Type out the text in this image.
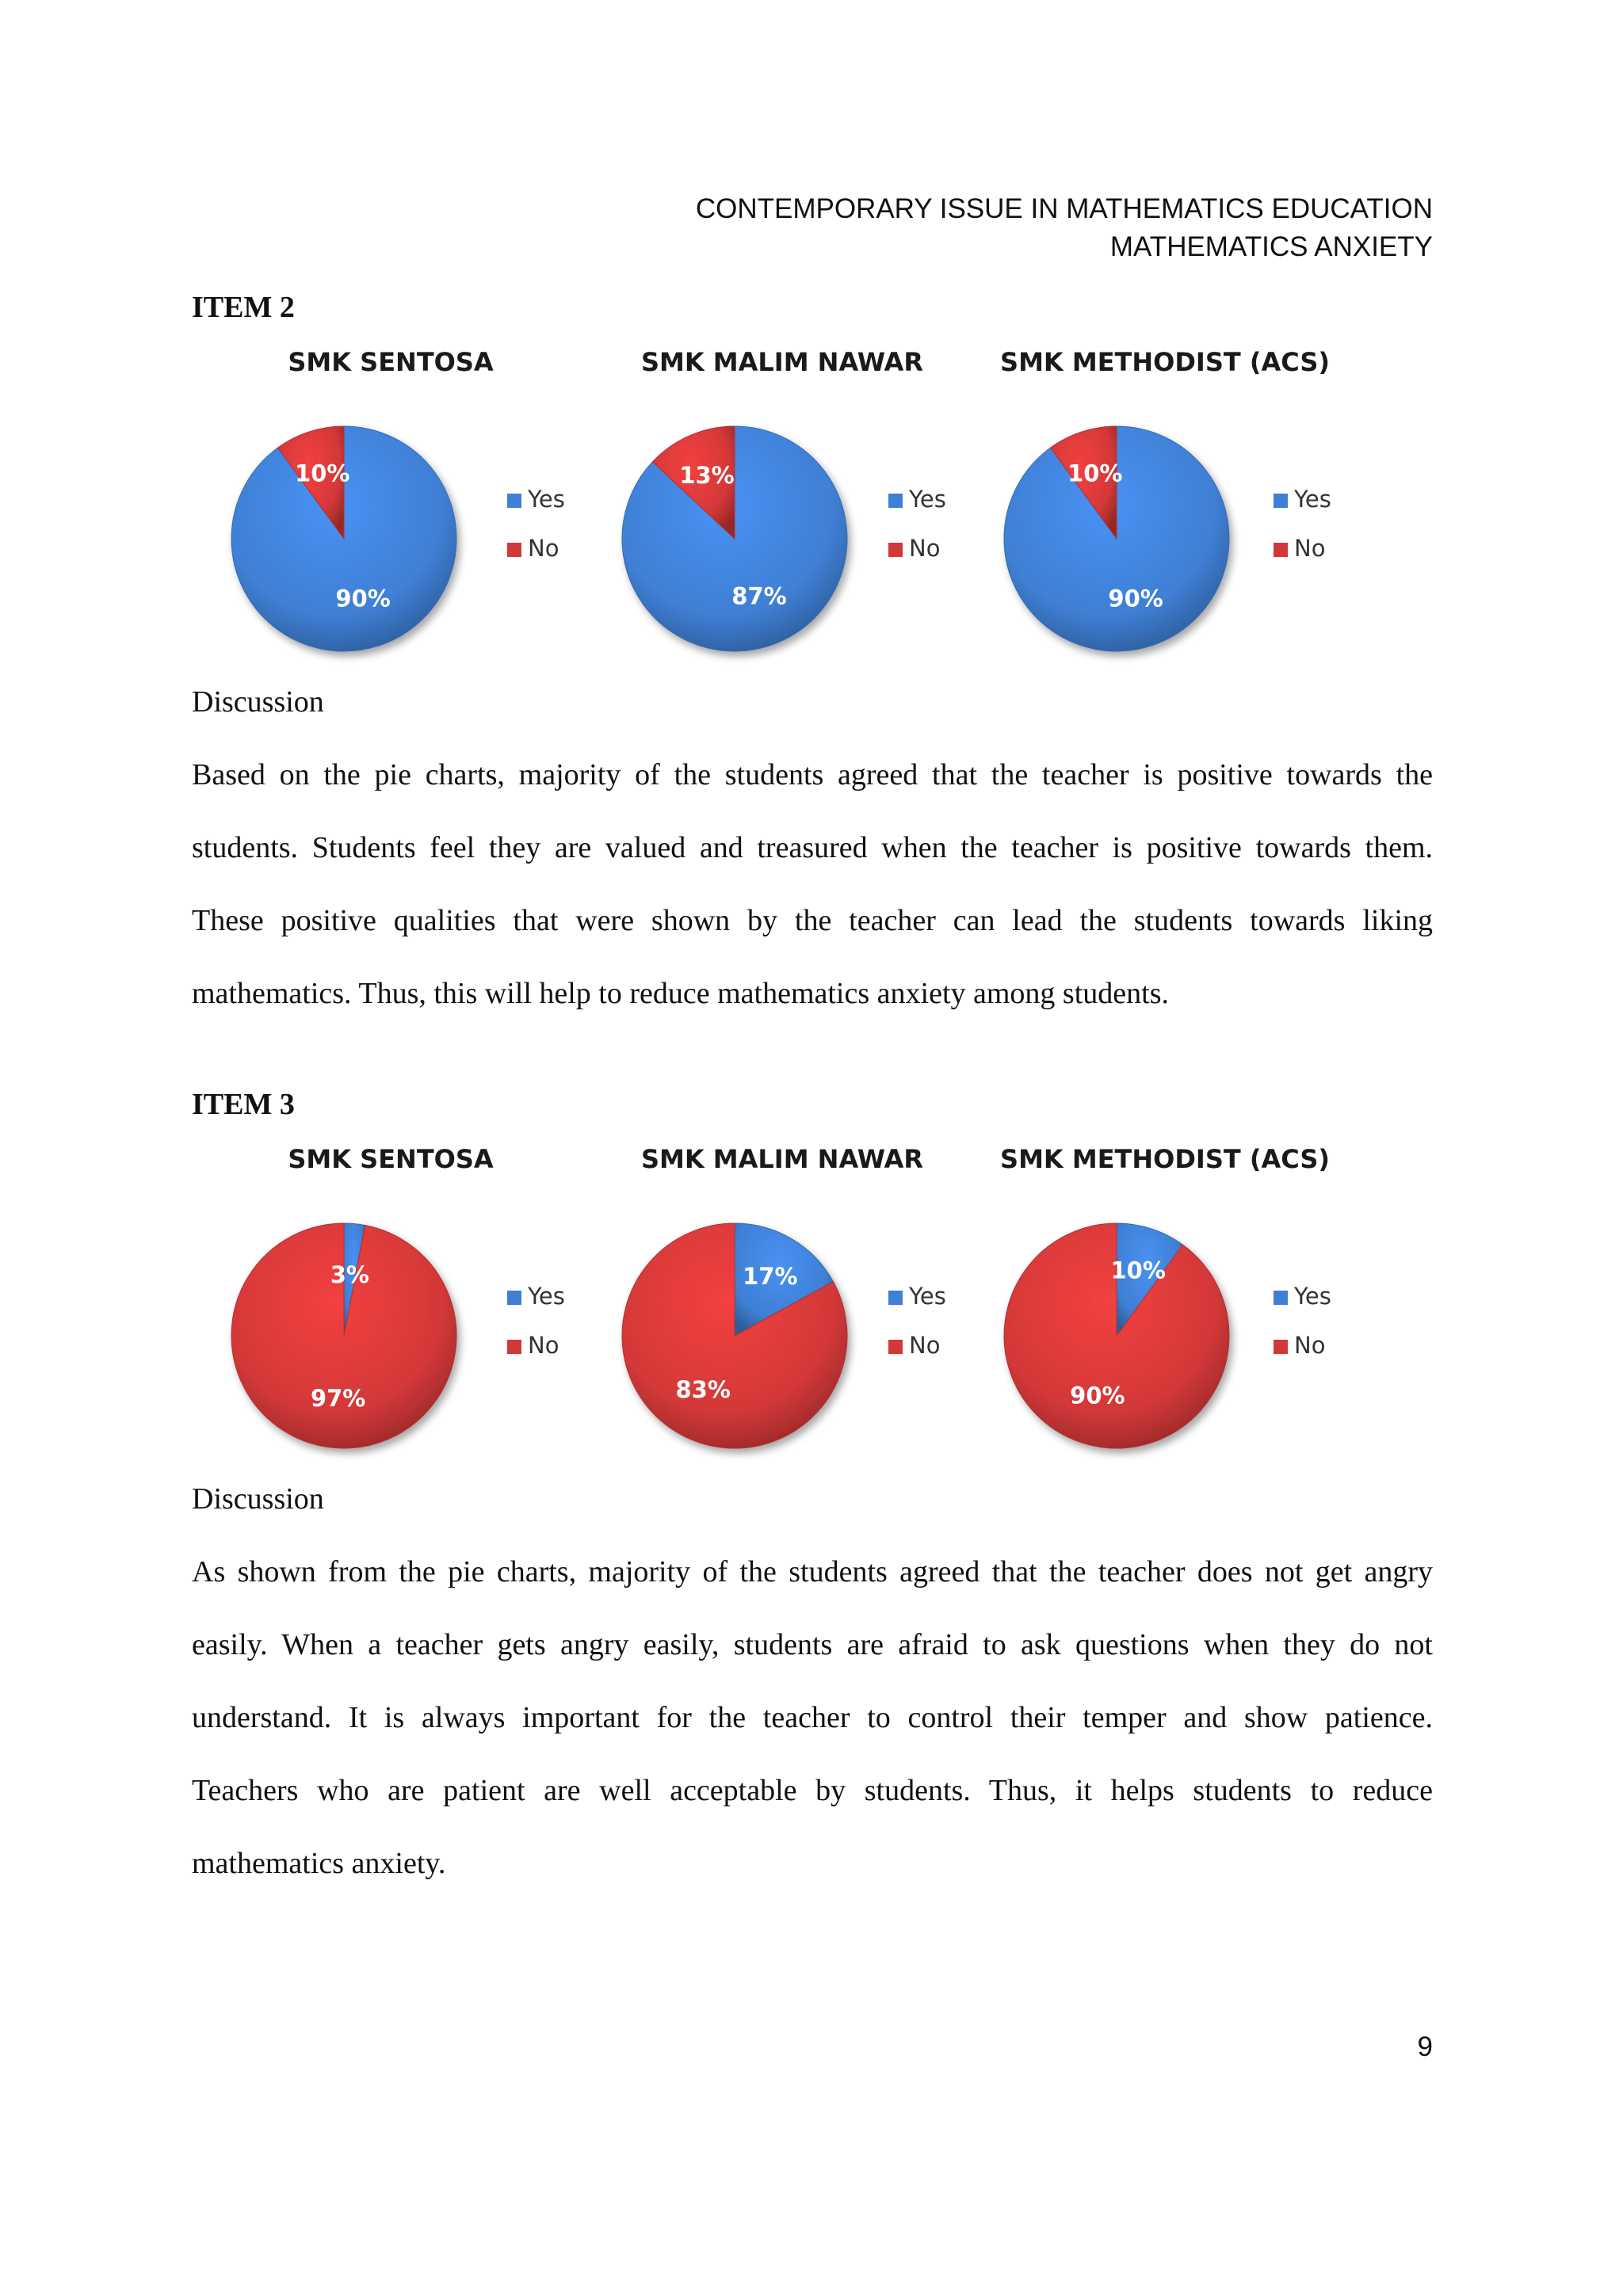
CONTEMPORARY ISSUE IN MATHEMATICS EDUCATION
MATHEMATICS ANXIETY
ITEM 2
SMK SENTOSA
90%
10%
Yes
No
SMK MALIM NAWAR
87%
13%
Yes
No
SMK METHODIST (ACS)
90%
10%
Yes
No
Discussion
Based on the pie charts, majority of the students agreed that the teacher is positive towards the
students. Students feel they are valued and treasured when the teacher is positive towards them.
These positive qualities that were shown by the teacher can lead the students towards liking
mathematics. Thus, this will help to reduce mathematics anxiety among students.
ITEM 3
SMK SENTOSA
3%
97%
Yes
No
SMK MALIM NAWAR
17%
83%
Yes
No
SMK METHODIST (ACS)
10%
90%
Yes
No
Discussion
As shown from the pie charts, majority of the students agreed that the teacher does not get angry
easily. When a teacher gets angry easily, students are afraid to ask questions when they do not
understand. It is always important for the teacher to control their temper and show patience.
Teachers who are patient are well acceptable by students. Thus, it helps students to reduce
mathematics anxiety.
9
